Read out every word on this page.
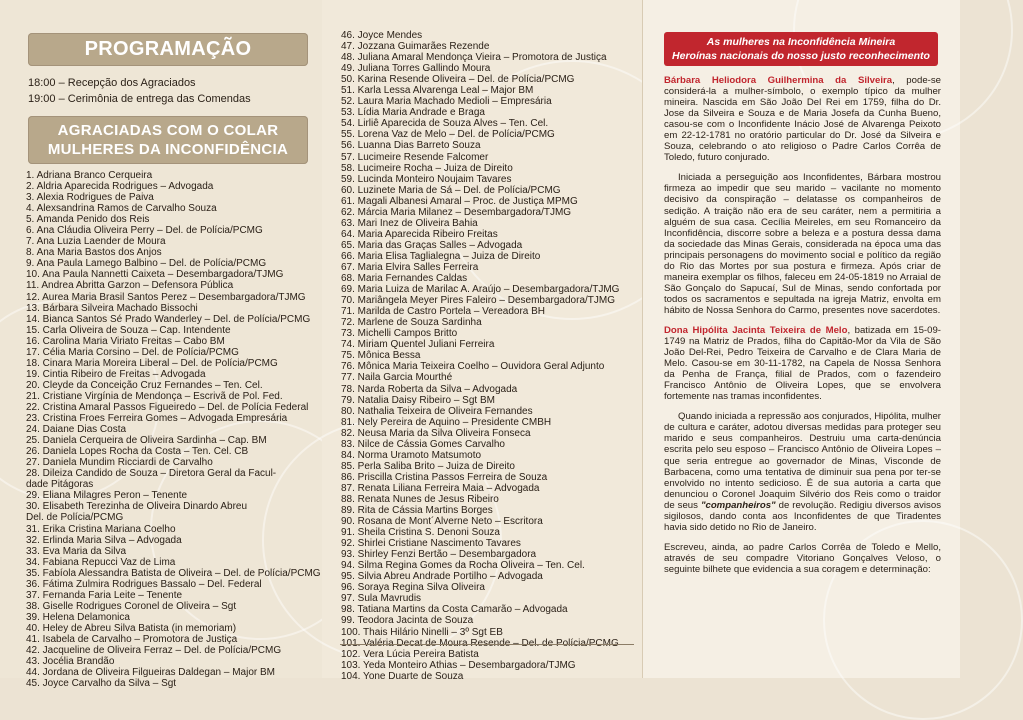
PROGRAMAÇÃO
18:00 – Recepção dos Agraciados
19:00 – Cerimônia de entrega das Comendas
AGRACIADAS COM O COLAR
MULHERES DA INCONFIDÊNCIA
1. Adriana Branco Cerqueira
2. Aldria Aparecida Rodrigues – Advogada
3. Alexia Rodrigues de Paiva
4. Alexsandrina Ramos de Carvalho Souza
5. Amanda Penido dos Reis
6. Ana Cláudia Oliveira Perry – Del. de Polícia/PCMG
7. Ana Luzia Laender de Moura
8. Ana Maria Bastos dos Anjos
9. Ana Paula Lamego Balbino – Del. de Polícia/PCMG
10. Ana Paula Nannetti Caixeta – Desembargadora/TJMG
11. Andrea Abritta Garzon – Defensora Pública
12. Aurea Maria Brasil Santos Perez – Desembargadora/TJMG
13. Bárbara Silveira Machado Bissochi
14. Bianca Santos Sé Prado Wanderley – Del. de Polícia/PCMG
15. Carla Oliveira de Souza – Cap. Intendente
16. Carolina Maria Viriato Freitas – Cabo BM
17. Célia Maria Corsino – Del. de Polícia/PCMG
18. Cinara Maria Moreira Liberal – Del. de Polícia/PCMG
19. Cintia Ribeiro de Freitas – Advogada
20. Cleyde da Conceição Cruz Fernandes – Ten. Cel.
21. Cristiane Virgínia de Mendonça – Escrivã de Pol. Fed.
22. Cristina Amaral Passos Figueiredo – Del. de Polícia Federal
23. Cristina Froes Ferreira Gomes – Advogada Empresária
24. Daiane Dias Costa
25. Daniela Cerqueira de Oliveira Sardinha – Cap. BM
26. Daniela Lopes Rocha da Costa – Ten. Cel. CB
27. Daniela Mundim Ricciardi de Carvalho
28. Dileiza Candido de Souza – Diretora Geral da Facul-
dade Pitágoras
29. Eliana Milagres Peron – Tenente
30. Elisabeth Terezinha de Oliveira Dinardo Abreu
Del. de Polícia/PCMG
31. Erika Cristina Mariana Coelho
32. Erlinda Maria Silva – Advogada
33. Eva Maria da Silva
34. Fabiana Repucci Vaz de Lima
35. Fabíola Alessandra Batista de Oliveira – Del. de Polícia/PCMG
36. Fátima Zulmira Rodrigues Bassalo – Del. Federal
37. Fernanda Faria Leite – Tenente
38. Giselle Rodrigues Coronel de Oliveira – Sgt
39. Helena Delamonica
40. Heley de Abreu Silva Batista (in memoriam)
41. Isabela de Carvalho – Promotora de Justiça
42. Jacqueline de Oliveira Ferraz – Del. de Polícia/PCMG
43. Jocélia Brandão
44. Jordana de Oliveira Filgueiras Daldegan – Major BM
45. Joyce Carvalho da Silva – Sgt
46. Joyce Mendes
47. Jozzana Guimarães Rezende
48. Juliana Amaral Mendonça Vieira – Promotora de Justiça
49. Juliana Torres Gallindo Moura
50. Karina Resende Oliveira – Del. de Polícia/PCMG
51. Karla Lessa Alvarenga Leal – Major BM
52. Laura Maria Machado Medioli – Empresária
53. Lídia Maria Andrade e Braga
54. Lirliê Aparecida de Souza Alves – Ten. Cel.
55. Lorena Vaz de Melo – Del. de Polícia/PCMG
56. Luanna Dias Barreto Souza
57. Lucimeire Resende Falcomer
58. Lucimeire Rocha – Juiza de Direito
59. Lucinda Monteiro Noujaim Tavares
60. Luzinete Maria de Sá – Del. de Polícia/PCMG
61. Magali Albanesi Amaral – Proc. de Justiça MPMG
62. Márcia Maria Milanez – Desembargadora/TJMG
63. Mari Inez de Oliveira Bahia
64. Maria Aparecida Ribeiro Freitas
65. Maria das Graças Salles – Advogada
66. Maria Elisa Taglialegna – Juiza de Direito
67. Maria Elvira Salles Ferreira
68. Maria Fernandes Caldas
69. Maria Luiza de Marilac A. Araújo – Desembargadora/TJMG
70. Mariângela Meyer Pires Faleiro – Desembargadora/TJMG
71. Marilda de Castro Portela – Vereadora BH
72. Marlene de Souza Sardinha
73. Michelli Campos Britto
74. Miriam Quentel Juliani Ferreira
75. Mônica Bessa
76. Mônica Maria Teixeira Coelho – Ouvidora Geral Adjunto
77. Naila Garcia Mourthé
78. Narda Roberta da Silva – Advogada
79. Natalia Daisy Ribeiro – Sgt BM
80. Nathalia Teixeira de Oliveira Fernandes
81. Nely Pereira de Aquino – Presidente CMBH
82. Neusa Maria da Silva Oliveira Fonseca
83. Nilce de Cássia Gomes Carvalho
84. Norma Uramoto Matsumoto
85. Perla Saliba Brito – Juiza de Direito
86. Priscilla Cristina Passos Ferreira de Souza
87. Renata Liliana Ferreira Maia – Advogada
88. Renata Nunes de Jesus Ribeiro
89. Rita de Cássia Martins Borges
90. Rosana de Mont´Alverne Neto – Escritora
91. Sheila Cristina S. Denoni Souza
92. Shirlei Cristiane Nascimento Tavares
93. Shirley Fenzi Bertão – Desembargadora
94. Silma Regina Gomes da Rocha Oliveira – Ten. Cel.
95. Silvia Abreu Andrade Portilho – Advogada
96. Soraya Regina Silva Oliveira
97. Sula Mavrudis
98. Tatiana Martins da Costa Camarão – Advogada
99. Teodora Jacinta de Souza
100. Thais Hilário Ninelli – 3º Sgt EB
101. Valéria Decat de Moura Resende – Del. de Polícia/PCMG
102. Vera Lúcia Pereira Batista
103. Yeda Monteiro Athias – Desembargadora/TJMG
104. Yone Duarte de Souza
As mulheres na Inconfidência Mineira
Heroínas nacionais do nosso justo reconhecimento

Bárbara Heliodora Guilhermina da Silveira, pode-se considerá-la a mulher-símbolo, o exemplo típico da mulher mineira. Nascida em São João Del Rei em 1759, filha do Dr. Jose da Silveira e Souza e de Maria Josefa da Cunha Bueno, casou-se com o Inconfidente Inácio José de Alvarenga Peixoto em 22-12-1781 no oratório particular do Dr. José da Silveira e Souza, celebrando o ato religioso o Padre Carlos Corrêa de Toledo, futuro conjurado.

Iniciada a perseguição aos Inconfidentes, Bárbara mostrou firmeza ao impedir que seu marido – vacilante no momento decisivo da conspiração – delatasse os companheiros de sedição. A traição não era de seu caráter, nem a permitiria a alguém de sua casa. Cecília Meireles, em seu Romanceiro da Inconfidência, discorre sobre a beleza e a postura dessa dama da sociedade das Minas Gerais, considerada na época uma das principais personagens do movimento social e político da região do Rio das Mortes por sua postura e firmeza. Após criar de maneira exemplar os filhos, faleceu em 24-05-1819 no Arraial de São Gonçalo do Sapucaí, Sul de Minas, sendo confortada por todos os sacramentos e sepultada na igreja Matriz, envolta em hábito de Nossa Senhora do Carmo, presentes nove sacerdotes.

Dona Hipólita Jacinta Teixeira de Melo, batizada em 15-09-1749 na Matriz de Prados, filha do Capitão-Mor da Vila de São João Del-Rei, Pedro Teixeira de Carvalho e de Clara Maria de Melo. Casou-se em 30-11-1782, na Capela de Nossa Senhora da Penha de França, filial de Prados, com o fazendeiro Francisco Antônio de Oliveira Lopes, que se envolvera fortemente nas tramas inconfidentes.

Quando iniciada a repressão aos conjurados, Hipólita, mulher de cultura e caráter, adotou diversas medidas para proteger seu marido e seus companheiros. Destruiu uma carta-denúncia escrita pelo seu esposo – Francisco Antônio de Oliveira Lopes – que seria entregue ao governador de Minas, Visconde de Barbacena, como uma tentativa de diminuir sua pena por ter-se envolvido no intento sedicioso. É de sua autoria a carta que denunciou o Coronel Joaquim Silvério dos Reis como o traidor de seus "companheiros" de revolução. Redigiu diversos avisos sigilosos, dando conta aos Inconfidentes de que Tiradentes havia sido detido no Rio de Janeiro.

Escreveu, ainda, ao padre Carlos Corrêa de Toledo e Mello, através de seu compadre Vitoriano Gonçalves Veloso, o seguinte bilhete que evidencia a sua coragem e determinação:
